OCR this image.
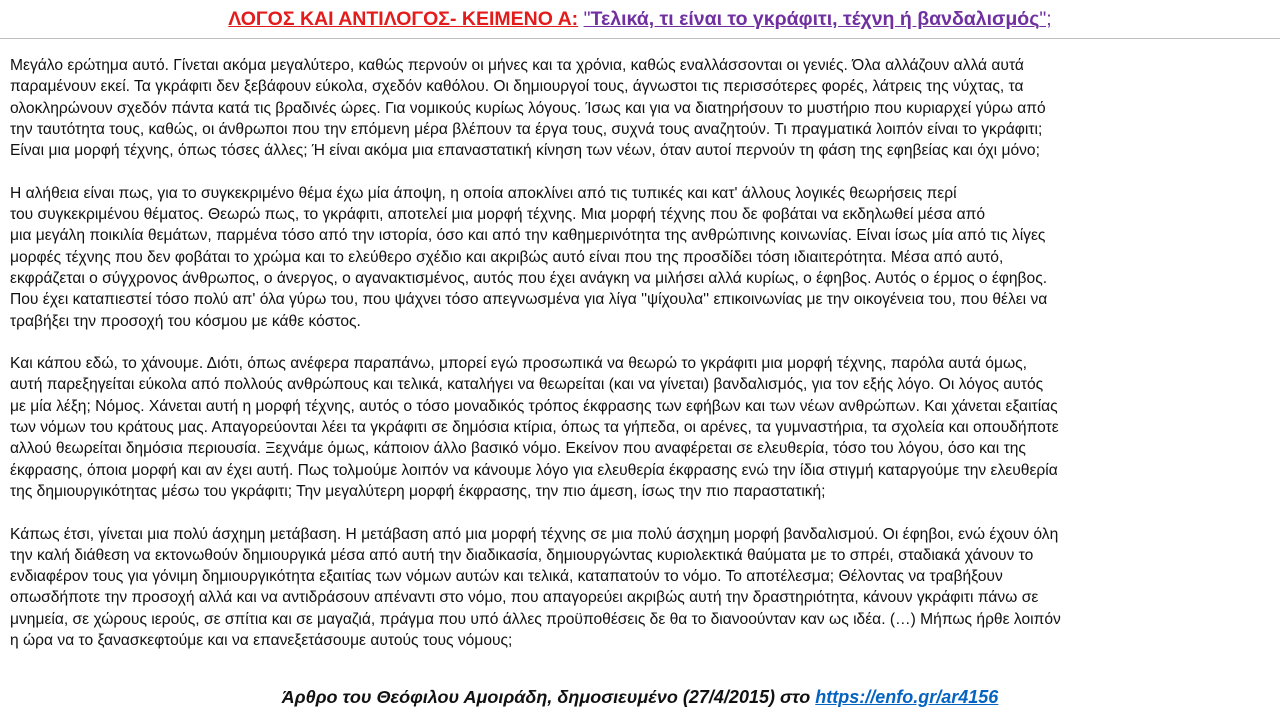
ΛΟΓΟΣ ΚΑΙ ΑΝΤΙΛΟΓΟΣ- ΚΕΙΜΕΝΟ Α: "Τελικά, τι είναι το γκράφιτι, τέχνη ή βανδαλισμός";
Μεγάλο ερώτημα αυτό. Γίνεται ακόμα μεγαλύτερο, καθώς περνούν οι μήνες και τα χρόνια, καθώς εναλλάσσονται οι γενιές. Όλα αλλάζουν αλλά αυτά
παραμένουν εκεί. Τα γκράφιτι δεν ξεβάφουν εύκολα, σχεδόν καθόλου. Οι δημιουργοί τους, άγνωστοι τις περισσότερες φορές, λάτρεις της νύχτας, τα
ολοκληρώνουν σχεδόν πάντα κατά τις βραδινές ώρες. Για νομικούς κυρίως λόγους. Ίσως και για να διατηρήσουν το μυστήριο που κυριαρχεί γύρω από
την ταυτότητα τους, καθώς, οι άνθρωποι που την επόμενη μέρα βλέπουν τα έργα τους, συχνά τους αναζητούν. Τι πραγματικά λοιπόν είναι το γκράφιτι;
Είναι μια μορφή τέχνης, όπως τόσες άλλες; Ή είναι ακόμα μια επαναστατική κίνηση των νέων, όταν αυτοί περνούν τη φάση της εφηβείας και όχι μόνο;
Η αλήθεια είναι πως, για το συγκεκριμένο θέμα έχω μία άποψη, η οποία αποκλίνει από τις τυπικές και κατ' άλλους λογικές θεωρήσεις περί
του συγκεκριμένου θέματος. Θεωρώ πως, το γκράφιτι, αποτελεί μια μορφή τέχνης. Μια μορφή τέχνης που δε φοβάται να εκδηλωθεί μέσα από
μια μεγάλη ποικιλία θεμάτων, παρμένα τόσο από την ιστορία, όσο και από την καθημερινότητα της ανθρώπινης κοινωνίας. Είναι ίσως μία από τις λίγες
μορφές τέχνης που δεν φοβάται το χρώμα και το ελεύθερο σχέδιο και ακριβώς αυτό είναι που της προσδίδει τόση ιδιαιτερότητα. Μέσα από αυτό,
εκφράζεται ο σύγχρονος άνθρωπος, ο άνεργος, ο αγανακτισμένος, αυτός που έχει ανάγκη να μιλήσει αλλά κυρίως, ο έφηβος. Αυτός ο έρμος ο έφηβος.
Που έχει καταπιεστεί τόσο πολύ απ' όλα γύρω του, που ψάχνει τόσο απεγνωσμένα για λίγα ''ψίχουλα'' επικοινωνίας με την οικογένεια του, που θέλει να
τραβήξει την προσοχή του κόσμου με κάθε κόστος.
Και κάπου εδώ, το χάνουμε. Διότι, όπως ανέφερα παραπάνω, μπορεί εγώ προσωπικά να θεωρώ το γκράφιτι μια μορφή τέχνης, παρόλα αυτά όμως,
αυτή παρεξηγείται εύκολα από πολλούς ανθρώπους και τελικά, καταλήγει να θεωρείται (και να γίνεται) βανδαλισμός, για τον εξής λόγο. Οι λόγος αυτός
με μία λέξη; Νόμος. Χάνεται αυτή η μορφή τέχνης, αυτός ο τόσο μοναδικός τρόπος έκφρασης των εφήβων και των νέων ανθρώπων. Και χάνεται εξαιτίας
των νόμων του κράτους μας. Απαγορεύονται λέει τα γκράφιτι σε δημόσια κτίρια, όπως τα γήπεδα, οι αρένες, τα γυμναστήρια, τα σχολεία και οπουδήποτε
αλλού θεωρείται δημόσια περιουσία. Ξεχνάμε όμως, κάποιον άλλο βασικό νόμο. Εκείνον που αναφέρεται σε ελευθερία, τόσο του λόγου, όσο και της
έκφρασης, όποια μορφή και αν έχει αυτή. Πως τολμούμε λοιπόν να κάνουμε λόγο για ελευθερία έκφρασης ενώ την ίδια στιγμή καταργούμε την ελευθερία
της δημιουργικότητας μέσω του γκράφιτι; Την μεγαλύτερη μορφή έκφρασης, την πιο άμεση, ίσως την πιο παραστατική;
Κάπως έτσι, γίνεται μια πολύ άσχημη μετάβαση. Η μετάβαση από μια μορφή τέχνης σε μια πολύ άσχημη μορφή βανδαλισμού. Οι έφηβοι, ενώ έχουν όλη
την καλή διάθεση να εκτονωθούν δημιουργικά μέσα από αυτή την διαδικασία, δημιουργώντας κυριολεκτικά θαύματα με το σπρέι, σταδιακά χάνουν το
ενδιαφέρον τους για γόνιμη δημιουργικότητα εξαιτίας των νόμων αυτών και τελικά, καταπατούν το νόμο. Το αποτέλεσμα; Θέλοντας να τραβήξουν
οπωσδήποτε την προσοχή αλλά και να αντιδράσουν απέναντι στο νόμο, που απαγορεύει ακριβώς αυτή την δραστηριότητα, κάνουν γκράφιτι πάνω σε
μνημεία, σε χώρους ιερούς, σε σπίτια και σε μαγαζιά, πράγμα που υπό άλλες προϋποθέσεις δε θα το διανοούνταν καν ως ιδέα. (…) Μήπως ήρθε λοιπόν
η ώρα να το ξανασκεφτούμε και να επανεξετάσουμε αυτούς τους νόμους;
Άρθρο του Θεόφιλου Αμοιράδη, δημοσιευμένο (27/4/2015) στο https://enfo.gr/ar4156
